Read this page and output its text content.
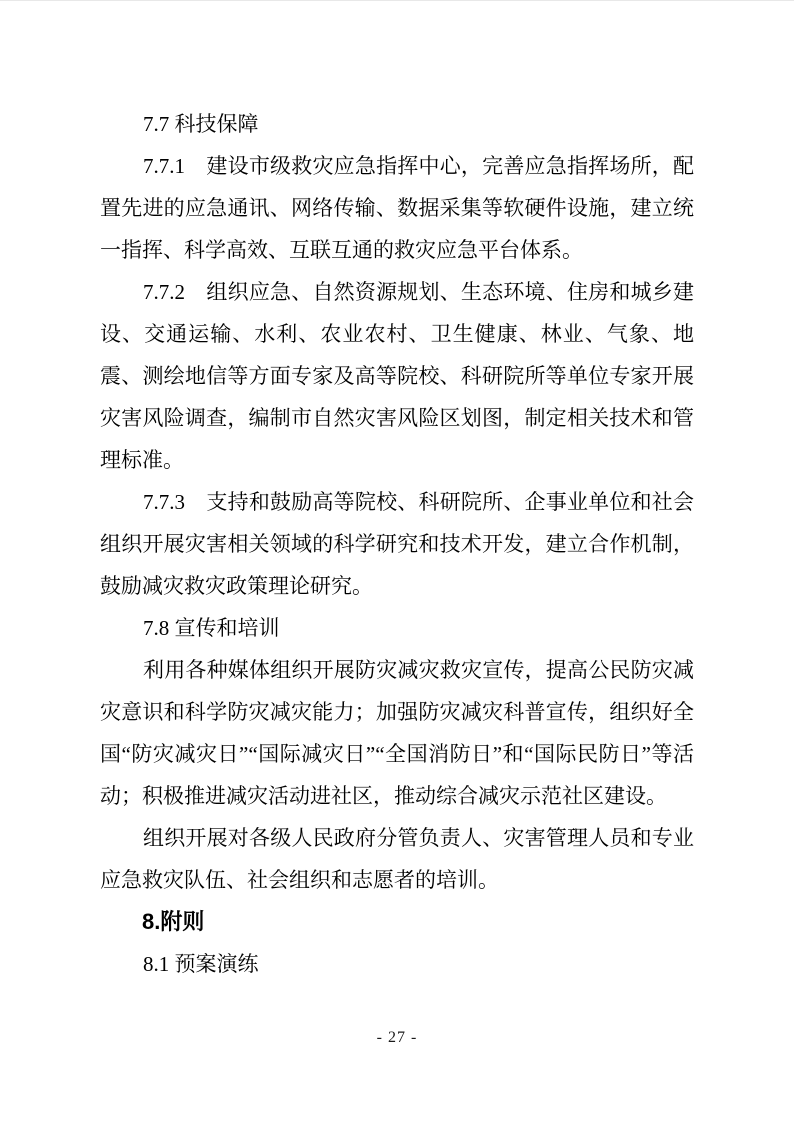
7.7 科技保障

7.7.1　建设市级救灾应急指挥中心，完善应急指挥场所，配置先进的应急通讯、网络传输、数据采集等软硬件设施，建立统一指挥、科学高效、互联互通的救灾应急平台体系。

7.7.2　组织应急、自然资源规划、生态环境、住房和城乡建设、交通运输、水利、农业农村、卫生健康、林业、气象、地震、测绘地信等方面专家及高等院校、科研院所等单位专家开展灾害风险调查，编制市自然灾害风险区划图，制定相关技术和管理标准。

7.7.3　支持和鼓励高等院校、科研院所、企事业单位和社会组织开展灾害相关领域的科学研究和技术开发，建立合作机制，鼓励减灾救灾政策理论研究。

7.8 宣传和培训

利用各种媒体组织开展防灾减灾救灾宣传，提高公民防灾减灾意识和科学防灾减灾能力；加强防灾减灾科普宣传，组织好全国“防灾减灾日”“国际减灾日”“全国消防日”和“国际民防日”等活动；积极推进减灾活动进社区，推动综合减灾示范社区建设。

组织开展对各级人民政府分管负责人、灾害管理人员和专业应急救灾队伍、社会组织和志愿者的培训。

8.附则
8.1 预案演练
- 27 -
